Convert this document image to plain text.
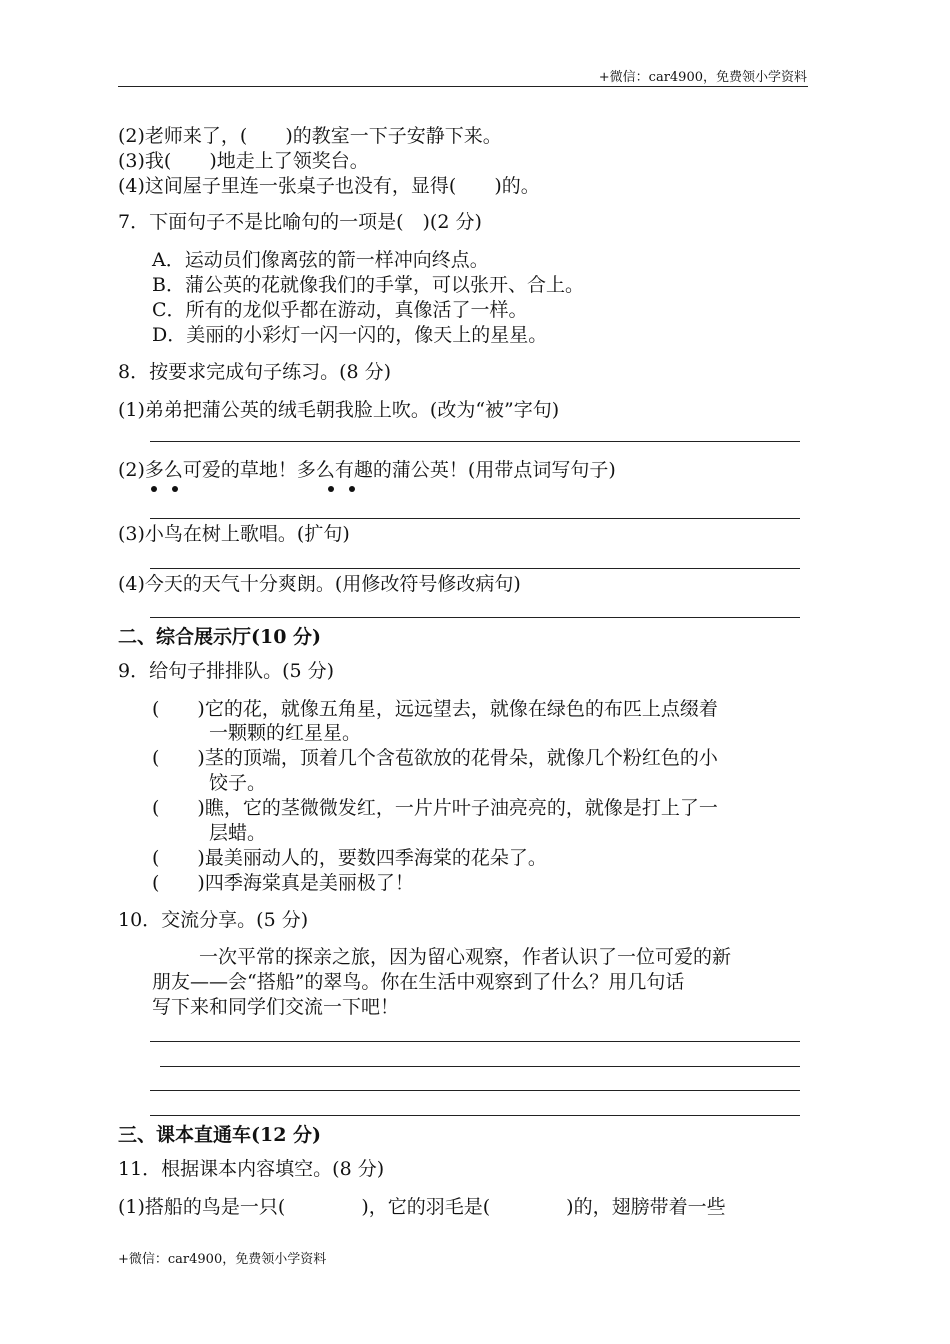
+微信：car4900，免费领小学资料
(2)老师来了，(　　)的教室一下子安静下来。
(3)我(　　)地走上了领奖台。
(4)这间屋子里连一张桌子也没有，显得(　　)的。
7．下面句子不是比喻句的一项是(　)(2 分)
A．运动员们像离弦的箭一样冲向终点。
B．蒲公英的花就像我们的手掌，可以张开、合上。
C．所有的龙似乎都在游动，真像活了一样。
D．美丽的小彩灯一闪一闪的，像天上的星星。
8．按要求完成句子练习。(8 分)
(1)弟弟把蒲公英的绒毛朝我脸上吹。(改为“被”字句)
(2)多么可爱的草地！多么有趣的蒲公英！(用带点词写句子)
(3)小鸟在树上歌唱。(扩句)
(4)今天的天气十分爽朗。(用修改符号修改病句)
二、综合展示厅(10 分)
9．给句子排排队。(5 分)
(　　)它的花，就像五角星，远远望去，就像在绿色的布匹上点缀着
一颗颗的红星星。
(　　)茎的顶端，顶着几个含苞欲放的花骨朵，就像几个粉红色的小
饺子。
(　　)瞧，它的茎微微发红，一片片叶子油亮亮的，就像是打上了一
层蜡。
(　　)最美丽动人的，要数四季海棠的花朵了。
(　　)四季海棠真是美丽极了！
10．交流分享。(5 分)
一次平常的探亲之旅，因为留心观察，作者认识了一位可爱的新
朋友——会“搭船”的翠鸟。你在生活中观察到了什么？用几句话
写下来和同学们交流一下吧！
三、课本直通车(12 分)
11．根据课本内容填空。(8 分)
(1)搭船的鸟是一只(　　　　)，它的羽毛是(　　　　)的，翅膀带着一些
+微信：car4900，免费领小学资料
